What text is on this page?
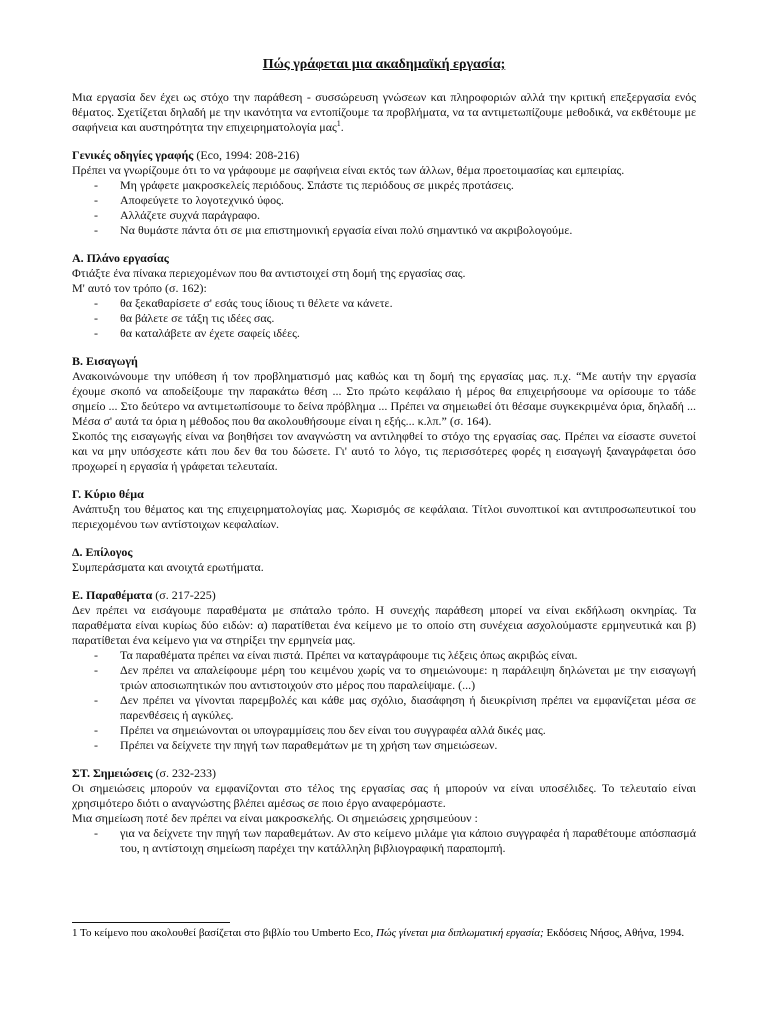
Πώς γράφεται μια ακαδημαϊκή εργασία;

Μια εργασία δεν έχει ως στόχο την παράθεση - συσσώρευση γνώσεων και πληροφοριών αλλά την κριτική επεξεργασία ενός θέματος. Σχετίζεται δηλαδή με την ικανότητα να εντοπίζουμε τα προβλήματα, να τα αντιμετωπίζουμε μεθοδικά, να εκθέτουμε με σαφήνεια και αυστηρότητα την επιχειρηματολογία μας$^1$.

Γενικές οδηγίες γραφής (Eco, 1994: 208-216)

Πρέπει να γνωρίζουμε ότι το να γράφουμε με σαφήνεια είναι εκτός των άλλων, θέμα προετοιμασίας και εμπειρίας.

- Μη γράφετε μακροσκελείς περιόδους. Σπάστε τις περιόδους σε μικρές προτάσεις.
- Αποφεύγετε το λογοτεχνικό ύφος.
- Αλλάζετε συχνά παράγραφο.
- Να θυμάστε πάντα ότι σε μια επιστημονική εργασία είναι πολύ σημαντικό να ακριβολογούμε.
Α. Πλάνο εργασίας

Φτιάξτε ένα πίνακα περιεχομένων που θα αντιστοιχεί στη δομή της εργασίας σας.

Μ' αυτό τον τρόπο (σ. 162):

- θα ξεκαθαρίσετε σ' εσάς τους ίδιους τι θέλετε να κάνετε.
- θα βάλετε σε τάξη τις ιδέες σας.
- θα καταλάβετε αν έχετε σαφείς ιδέες.
Β. Εισαγωγή

Ανακοινώνουμε την υπόθεση ή τον προβληματισμό μας καθώς και τη δομή της εργασίας μας. π.χ. “Με αυτήν την εργασία έχουμε σκοπό να αποδείξουμε την παρακάτω θέση ... Στο πρώτο κεφάλαιο ή μέρος θα επιχειρήσουμε να ορίσουμε το τάδε σημείο ... Στο δεύτερο να αντιμετωπίσουμε το δείνα πρόβλημα ... Πρέπει να σημειωθεί ότι θέσαμε συγκεκριμένα όρια, δηλαδή ... Μέσα σ' αυτά τα όρια η μέθοδος που θα ακολουθήσουμε είναι η εξής... κ.λπ.” (σ. 164).

Σκοπός της εισαγωγής είναι να βοηθήσει τον αναγνώστη να αντιληφθεί το στόχο της εργασίας σας. Πρέπει να είσαστε συνετοί και να μην υπόσχεστε κάτι που δεν θα του δώσετε. Γι' αυτό το λόγο, τις περισσότερες φορές η εισαγωγή ξαναγράφεται όσο προχωρεί η εργασία ή γράφεται τελευταία.

Γ. Κύριο θέμα

Ανάπτυξη του θέματος και της επιχειρηματολογίας μας. Χωρισμός σε κεφάλαια. Τίτλοι συνοπτικοί και αντιπροσωπευτικοί του περιεχομένου των αντίστοιχων κεφαλαίων.

Δ. Επίλογος

Συμπεράσματα και ανοιχτά ερωτήματα.

Ε. Παραθέματα (σ. 217-225)

Δεν πρέπει να εισάγουμε παραθέματα με σπάταλο τρόπο. Η συνεχής παράθεση μπορεί να είναι εκδήλωση οκνηρίας. Τα παραθέματα είναι κυρίως δύο ειδών: α) παρατίθεται ένα κείμενο με το οποίο στη συνέχεια ασχολούμαστε ερμηνευτικά και β) παρατίθεται ένα κείμενο για να στηρίξει την ερμηνεία μας.

- Τα παραθέματα πρέπει να είναι πιστά. Πρέπει να καταγράφουμε τις λέξεις όπως ακριβώς είναι.
- Δεν πρέπει να απαλείφουμε μέρη του κειμένου χωρίς να το σημειώνουμε: η παράλειψη δηλώνεται με την εισαγωγή τριών αποσιωπητικών που αντιστοιχούν στο μέρος που παραλείψαμε. (...)
- Δεν πρέπει να γίνονται παρεμβολές και κάθε μας σχόλιο, διασάφηση ή διευκρίνιση πρέπει να εμφανίζεται μέσα σε παρενθέσεις ή αγκύλες.
- Πρέπει να σημειώνονται οι υπογραμμίσεις που δεν είναι του συγγραφέα αλλά δικές μας.
- Πρέπει να δείχνετε την πηγή των παραθεμάτων με τη χρήση των σημειώσεων.
ΣΤ. Σημειώσεις (σ. 232-233)

Οι σημειώσεις μπορούν να εμφανίζονται στο τέλος της εργασίας σας ή μπορούν να είναι υποσέλιδες. Το τελευταίο είναι χρησιμότερο διότι ο αναγνώστης βλέπει αμέσως σε ποιο έργο αναφερόμαστε.

Μια σημείωση ποτέ δεν πρέπει να είναι μακροσκελής. Οι σημειώσεις χρησιμεύουν :

- για να δείχνετε την πηγή των παραθεμάτων. Αν στο κείμενο μιλάμε για κάποιο συγγραφέα ή παραθέτουμε απόσπασμά του, η αντίστοιχη σημείωση παρέχει την κατάλληλη βιβλιογραφική παραπομπή.
1 Το κείμενο που ακολουθεί βασίζεται στο βιβλίο του Umberto Eco, Πώς γίνεται μια διπλωματική εργασία; Εκδόσεις Νήσος, Αθήνα, 1994.
